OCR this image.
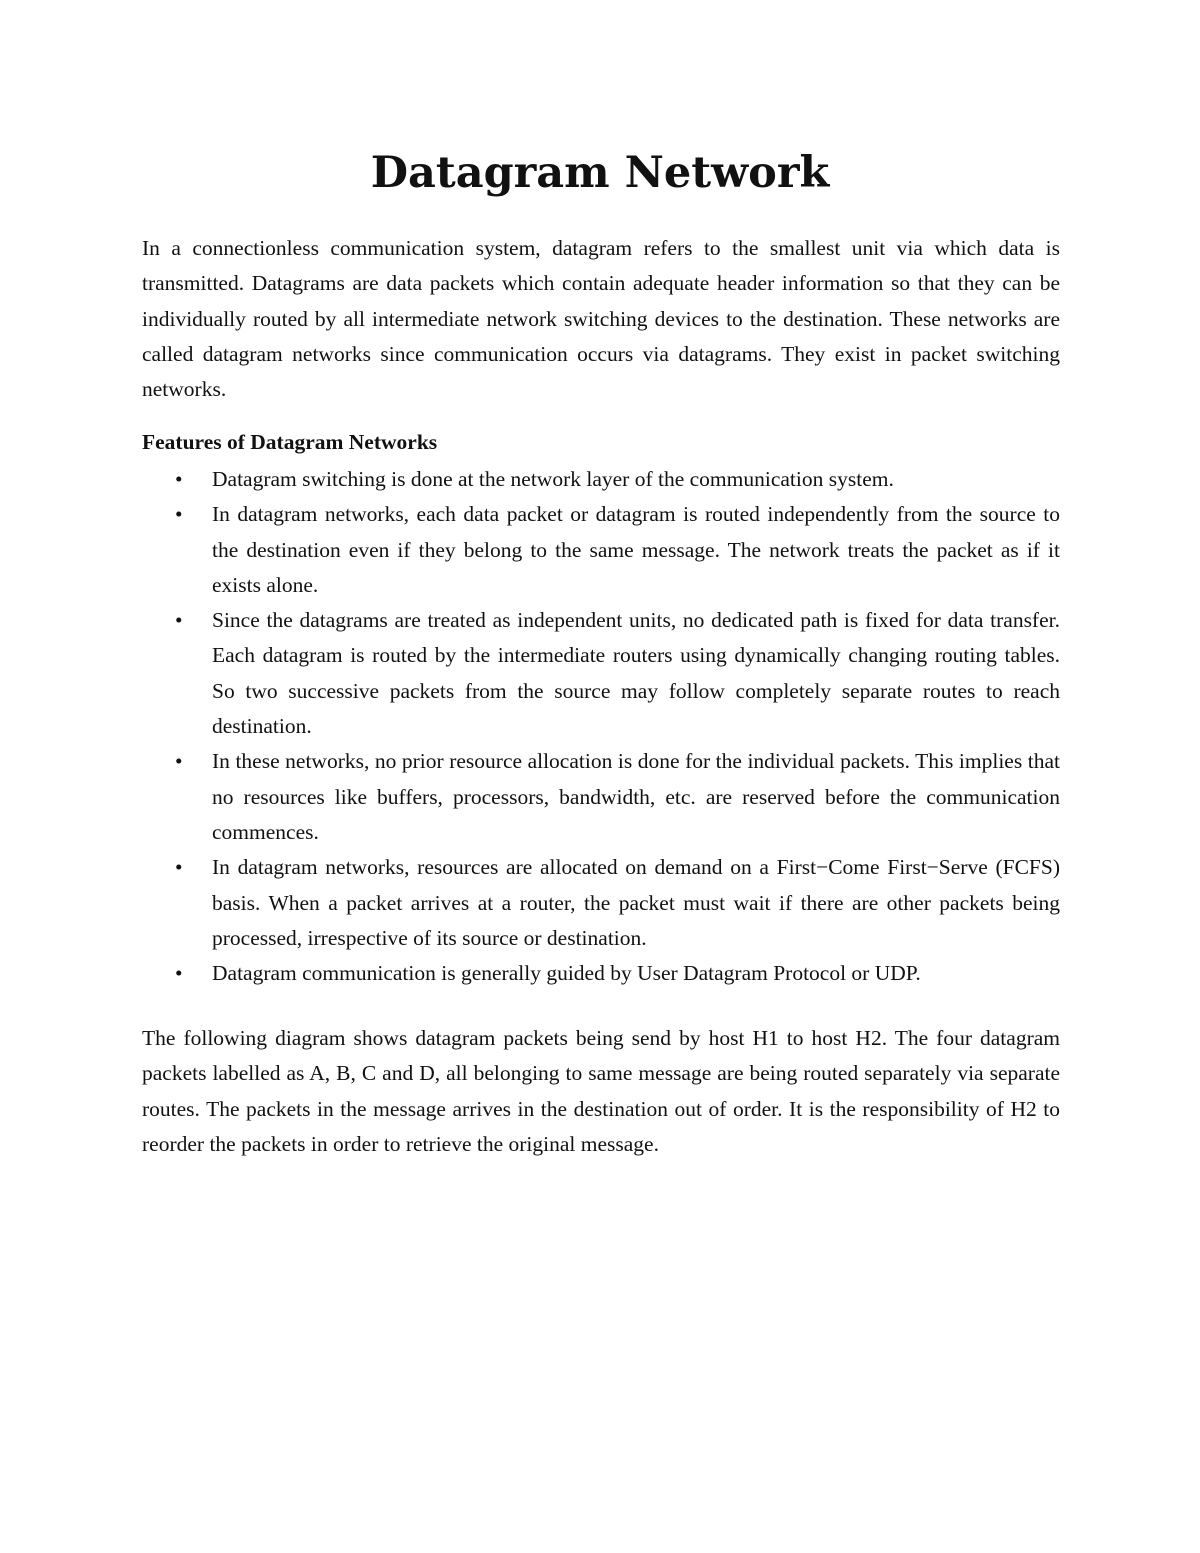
Datagram Network

In a connectionless communication system, datagram refers to the smallest unit via which data is transmitted. Datagrams are data packets which contain adequate header information so that they can be individually routed by all intermediate network switching devices to the destination. These networks are called datagram networks since communication occurs via datagrams. They exist in packet switching networks.

Features of Datagram Networks

• Datagram switching is done at the network layer of the communication system.
• In datagram networks, each data packet or datagram is routed independently from the source to the destination even if they belong to the same message. The network treats the packet as if it exists alone.
• Since the datagrams are treated as independent units, no dedicated path is fixed for data transfer. Each datagram is routed by the intermediate routers using dynamically changing routing tables. So two successive packets from the source may follow completely separate routes to reach destination.
• In these networks, no prior resource allocation is done for the individual packets. This implies that no resources like buffers, processors, bandwidth, etc. are reserved before the communication commences.
• In datagram networks, resources are allocated on demand on a First−Come First−Serve (FCFS) basis. When a packet arrives at a router, the packet must wait if there are other packets being processed, irrespective of its source or destination.
• Datagram communication is generally guided by User Datagram Protocol or UDP.

The following diagram shows datagram packets being send by host H1 to host H2. The four datagram packets labelled as A, B, C and D, all belonging to same message are being routed separately via separate routes. The packets in the message arrives in the destination out of order. It is the responsibility of H2 to reorder the packets in order to retrieve the original message.
